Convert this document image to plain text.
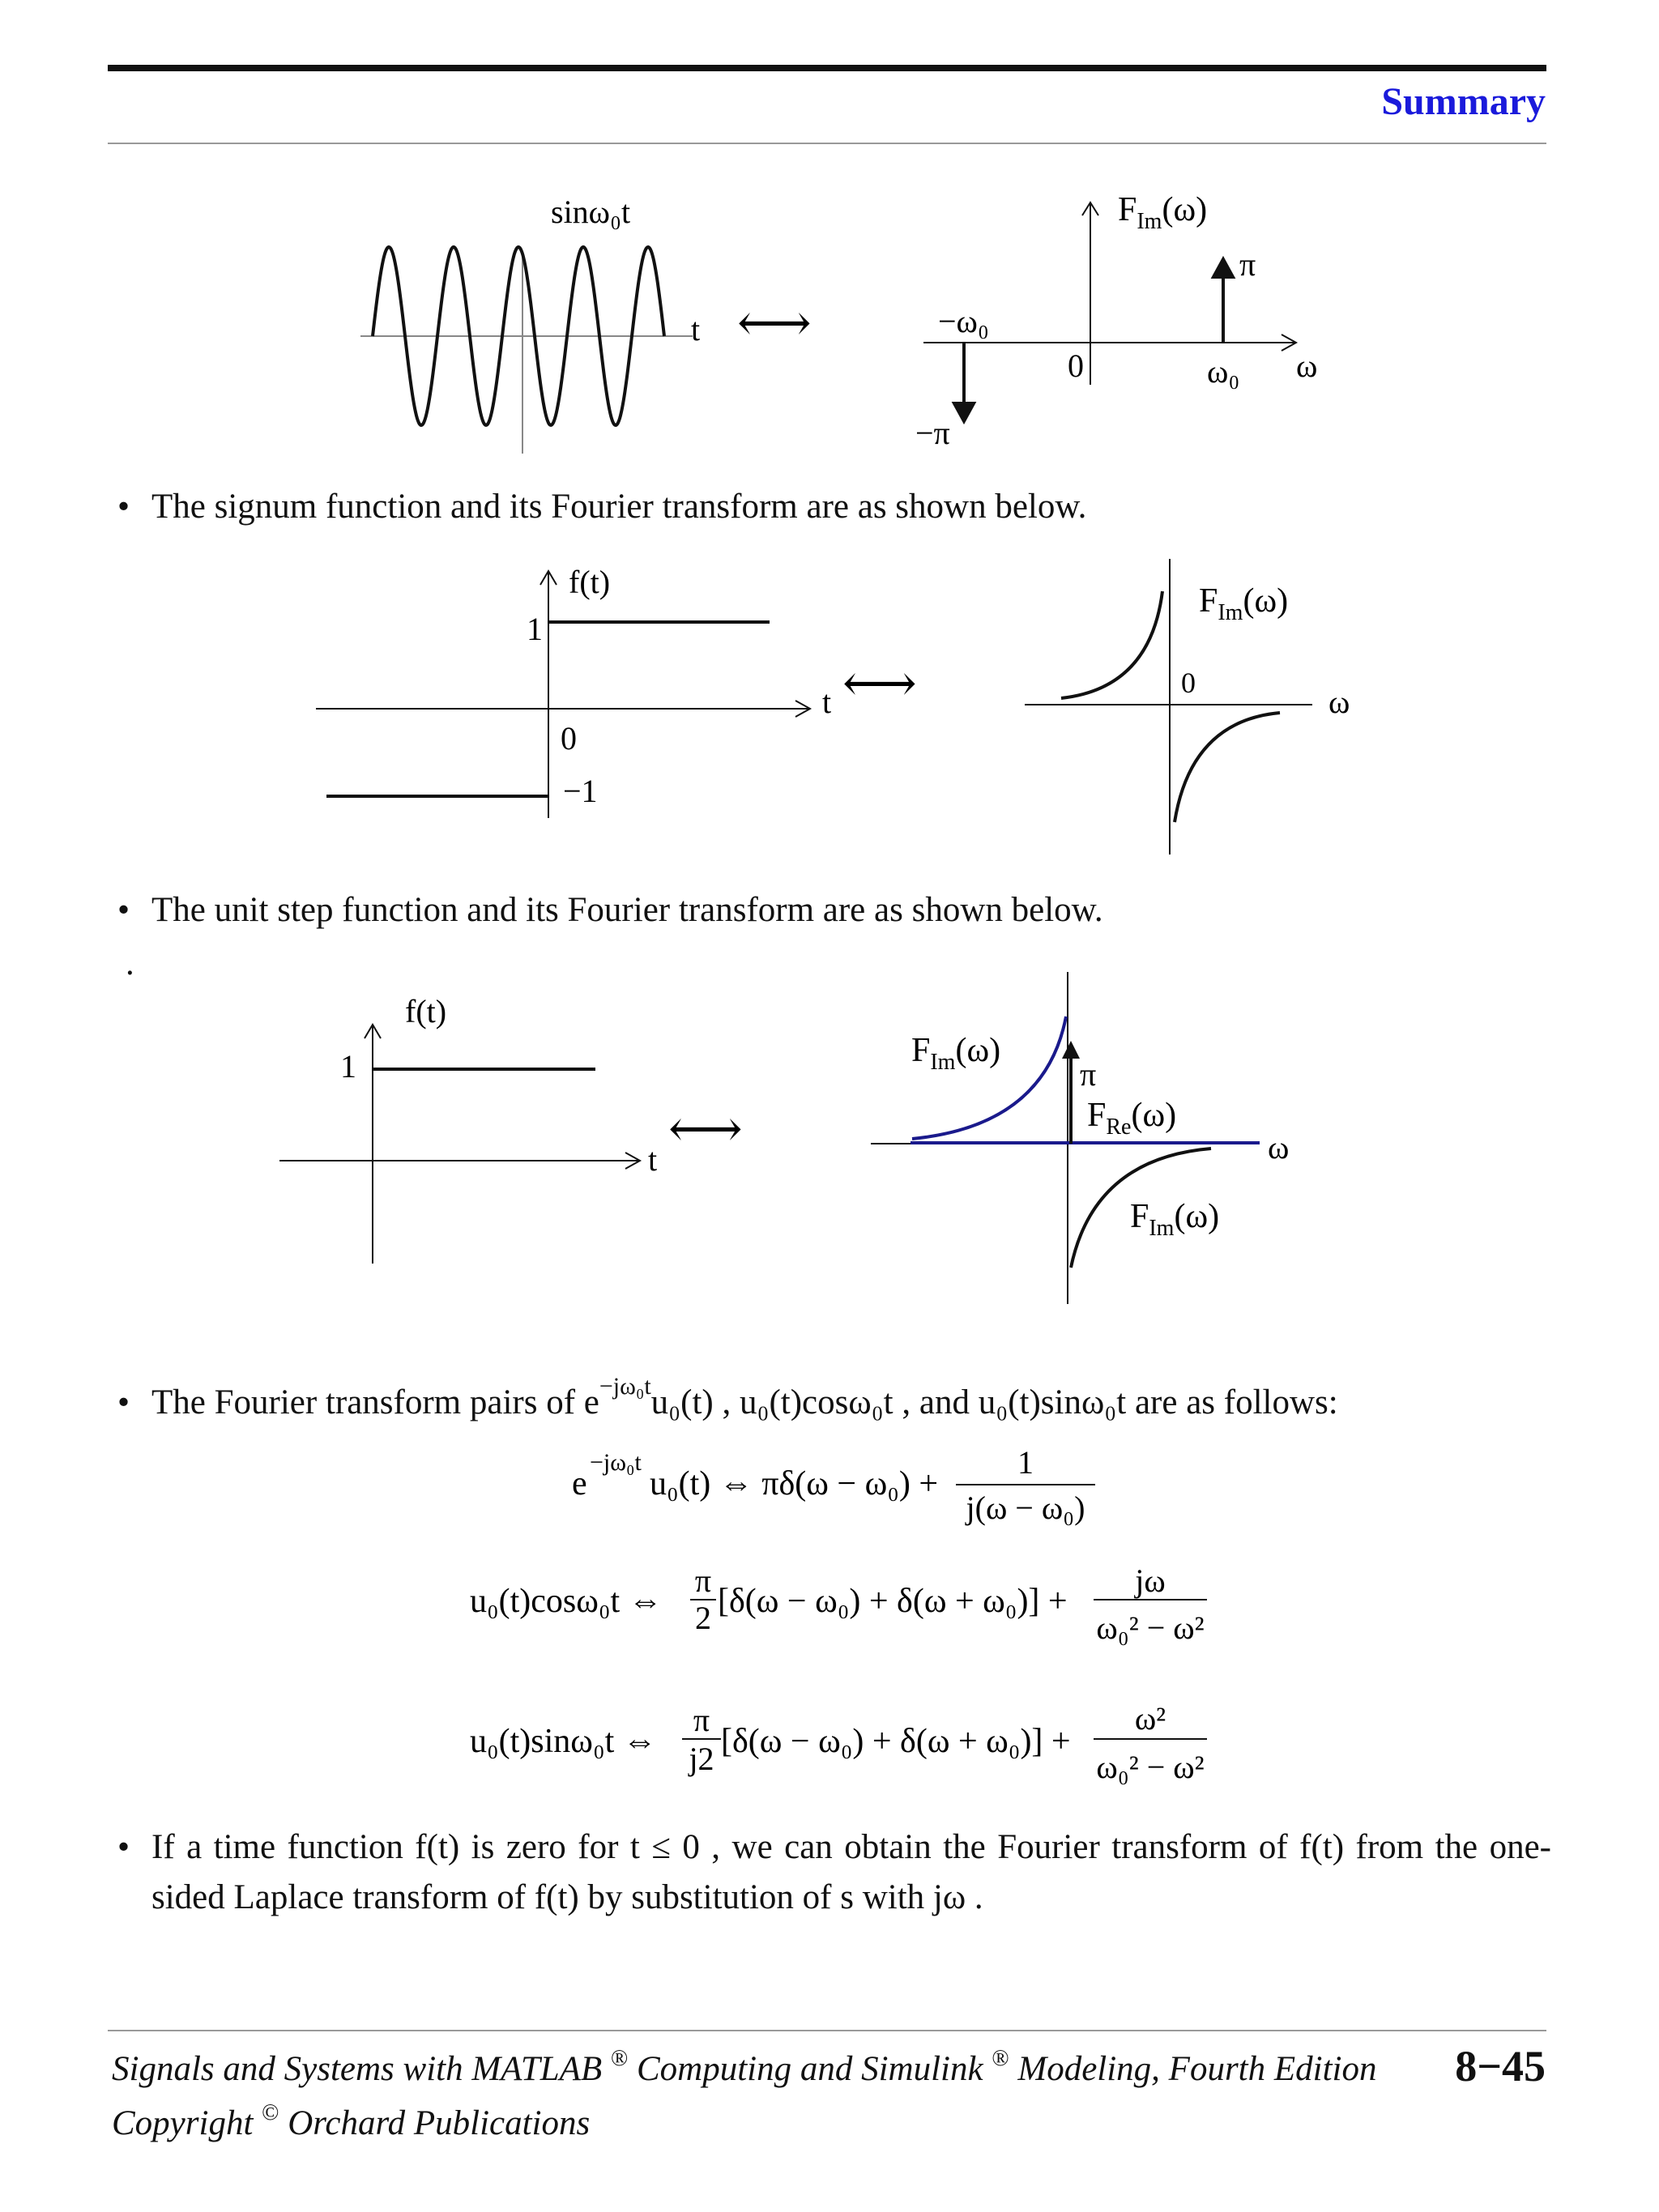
Summary
sinω₀t
t ⟷
$F_{Im}(\omega)$
π
−ω₀
0	ω₀ ω
−π
• The signum function and its Fourier transform are as shown below.
f(t)
1
0
−1
t ⟷
$F_{Im}(\omega)$
0
ω
• The unit step function and its Fourier transform are as shown below.
.
f(t)
1
t
⟷
$F_{Im}(\omega)$
π
$F_{Re}(\omega)$
ω
$F_{Im}(\omega)$
• The Fourier transform pairs of $e^{-j\omega_0t}u_0(t)$ , u₀(t)cosω₀t , and u₀(t)sinω₀t are as follows:
e
−jω₀t
u₀(t) ⇔ πδ(ω − ω₀) +
1
j(ω − ω₀)
u₀(t)cosω₀t ⇔
π
2 [δ(ω − ω₀) + δ(ω + ω₀)] +
jω
ω₀² − ω²
u₀(t)sinω₀t ⇔
π
j2 [δ(ω − ω₀) + δ(ω + ω₀)] +
ω²
ω₀² − ω²
• If a time function f(t) is zero for t ≤ 0 , we can obtain the Fourier transform of f(t) from the one-sided Laplace transform of f(t) by substitution of s with jω .
Signals and Systems with MATLAB ® Computing and Simulink ® Modeling, Fourth Edition
Copyright © Orchard Publications
8−45
